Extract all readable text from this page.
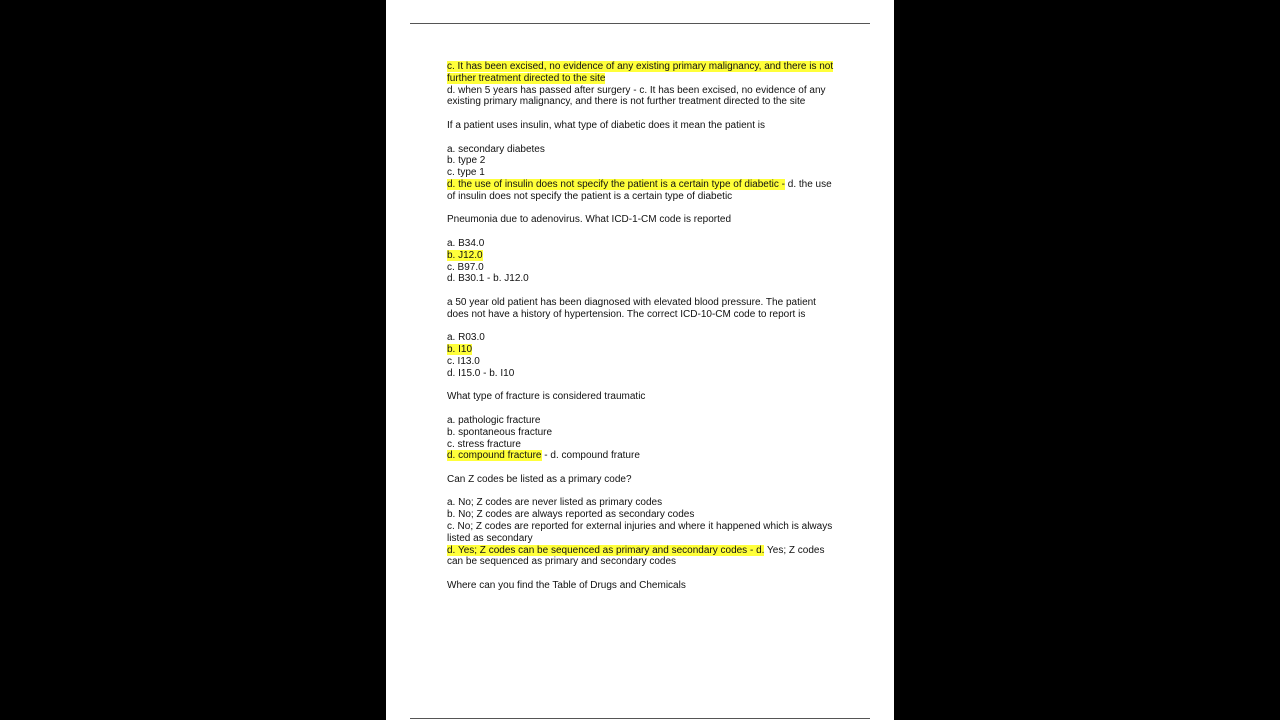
c. It has been excised, no evidence of any existing primary malignancy, and there is not
further treatment directed to the site
d. when 5 years has passed after surgery - c. It has been excised, no evidence of any
existing primary malignancy, and there is not further treatment directed to the site
If a patient uses insulin, what type of diabetic does it mean the patient is
a. secondary diabetes
b. type 2
c. type 1
d. the use of insulin does not specify the patient is a certain type of diabetic - d. the use
of insulin does not specify the patient is a certain type of diabetic
Pneumonia due to adenovirus. What ICD-1-CM code is reported
a. B34.0
b. J12.0
c. B97.0
d. B30.1 - b. J12.0
a 50 year old patient has been diagnosed with elevated blood pressure. The patient
does not have a history of hypertension. The correct ICD-10-CM code to report is
a. R03.0
b. I10
c. I13.0
d. I15.0 - b. I10
What type of fracture is considered traumatic
a. pathologic fracture
b. spontaneous fracture
c. stress fracture
d. compound fracture - d. compound frature
Can Z codes be listed as a primary code?
a. No; Z codes are never listed as primary codes
b. No; Z codes are always reported as secondary codes
c. No; Z codes are reported for external injuries and where it happened which is always
listed as secondary
d. Yes; Z codes can be sequenced as primary and secondary codes - d. Yes; Z codes
can be sequenced as primary and secondary codes
Where can you find the Table of Drugs and Chemicals
